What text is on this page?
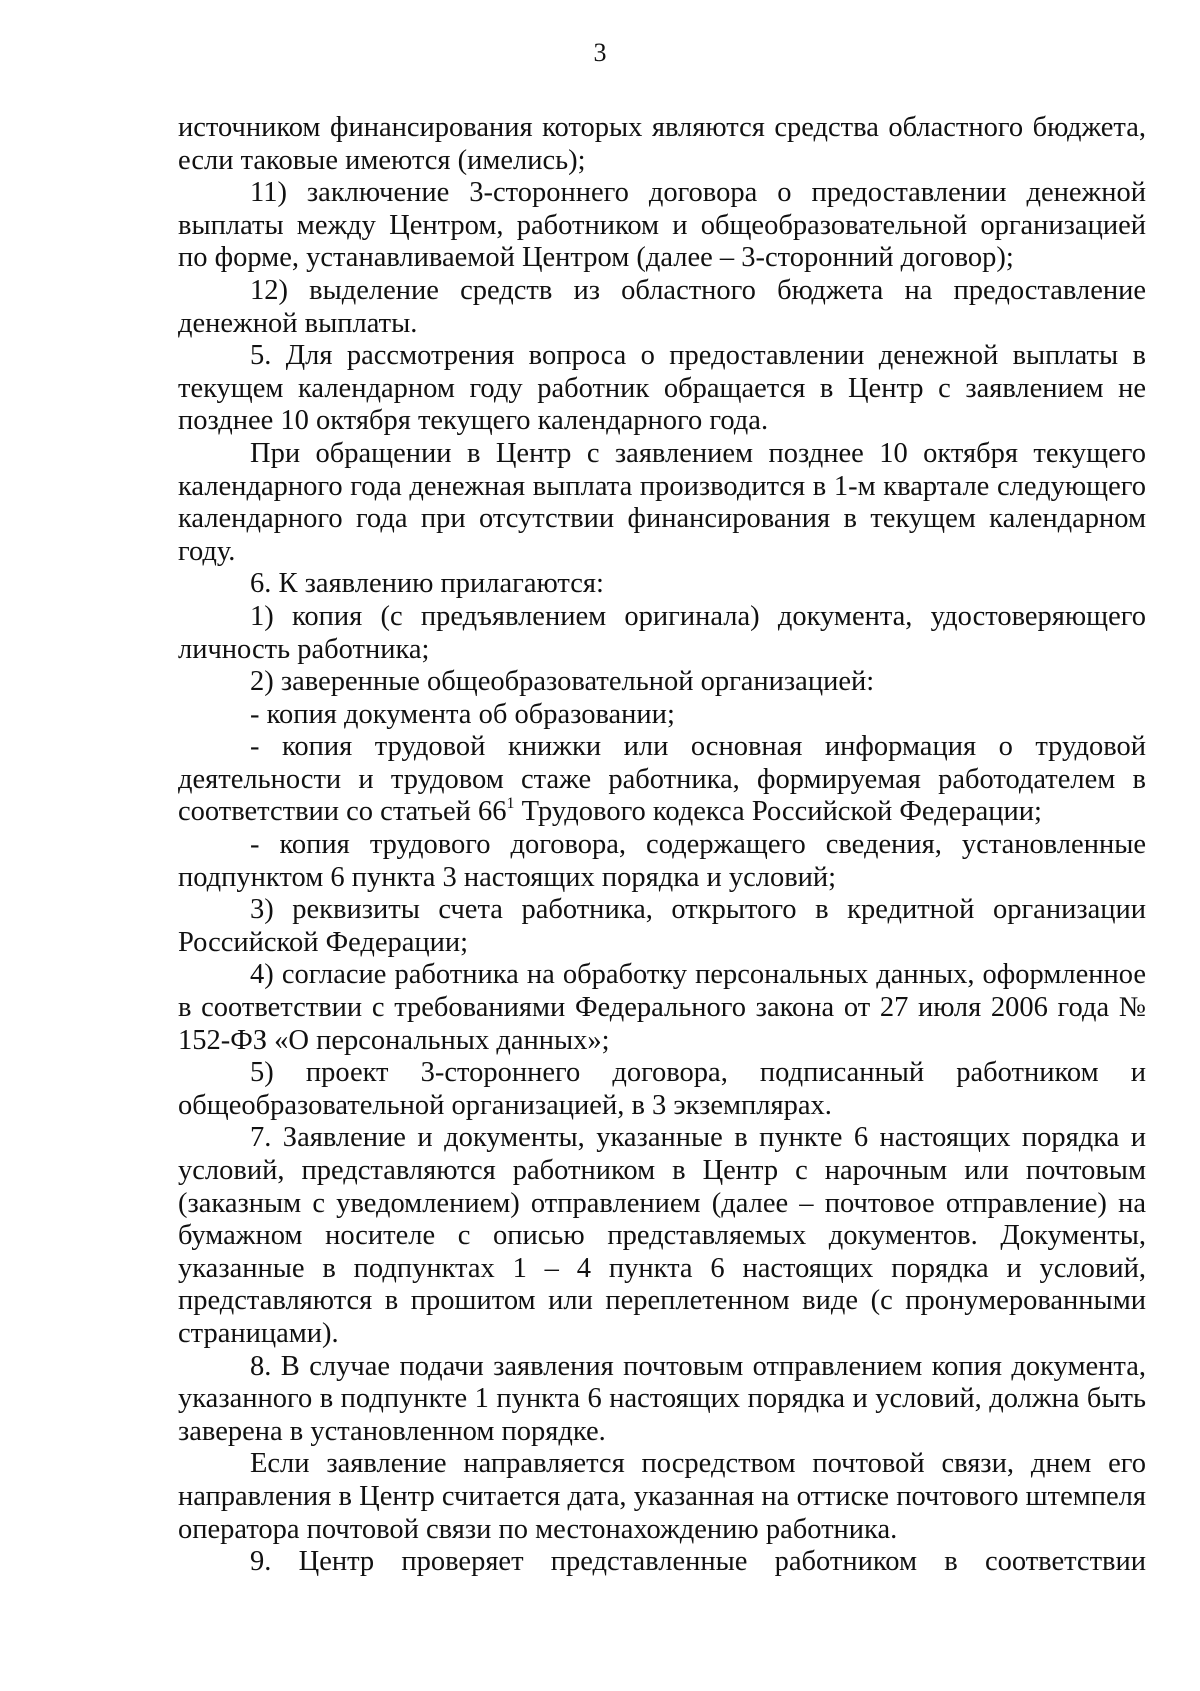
3

источником финансирования которых являются средства областного бюджета, если таковые имеются (имелись);

11) заключение 3-стороннего договора о предоставлении денежной выплаты между Центром, работником и общеобразовательной организацией по форме, устанавливаемой Центром (далее – 3-сторонний договор);

12) выделение средств из областного бюджета на предоставление денежной выплаты.

5. Для рассмотрения вопроса о предоставлении денежной выплаты в текущем календарном году работник обращается в Центр с заявлением не позднее 10 октября текущего календарного года.

При обращении в Центр с заявлением позднее 10 октября текущего календарного года денежная выплата производится в 1-м квартале следующего календарного года при отсутствии финансирования в текущем календарном году.

6. К заявлению прилагаются:

1) копия (с предъявлением оригинала) документа, удостоверяющего личность работника;

2) заверенные общеобразовательной организацией:

- копия документа об образовании;

- копия трудовой книжки или основная информация о трудовой деятельности и трудовом стаже работника, формируемая работодателем в соответствии со статьей $66^1$ Трудового кодекса Российской Федерации;

- копия трудового договора, содержащего сведения, установленные подпунктом 6 пункта 3 настоящих порядка и условий;

3) реквизиты счета работника, открытого в кредитной организации Российской Федерации;

4) согласие работника на обработку персональных данных, оформленное в соответствии с требованиями Федерального закона от 27 июля 2006 года № 152-ФЗ «О персональных данных»;

5) проект 3-стороннего договора, подписанный работником и общеобразовательной организацией, в 3 экземплярах.

7. Заявление и документы, указанные в пункте 6 настоящих порядка и условий, представляются работником в Центр с нарочным или почтовым (заказным с уведомлением) отправлением (далее – почтовое отправление) на бумажном носителе с описью представляемых документов. Документы, указанные в подпунктах 1 – 4 пункта 6 настоящих порядка и условий, представляются в прошитом или переплетенном виде (с пронумерованными страницами).

8. В случае подачи заявления почтовым отправлением копия документа, указанного в подпункте 1 пункта 6 настоящих порядка и условий, должна быть заверена в установленном порядке.

Если заявление направляется посредством почтовой связи, днем его направления в Центр считается дата, указанная на оттиске почтового штемпеля оператора почтовой связи по местонахождению работника.

9. Центр проверяет представленные работником в соответствии
